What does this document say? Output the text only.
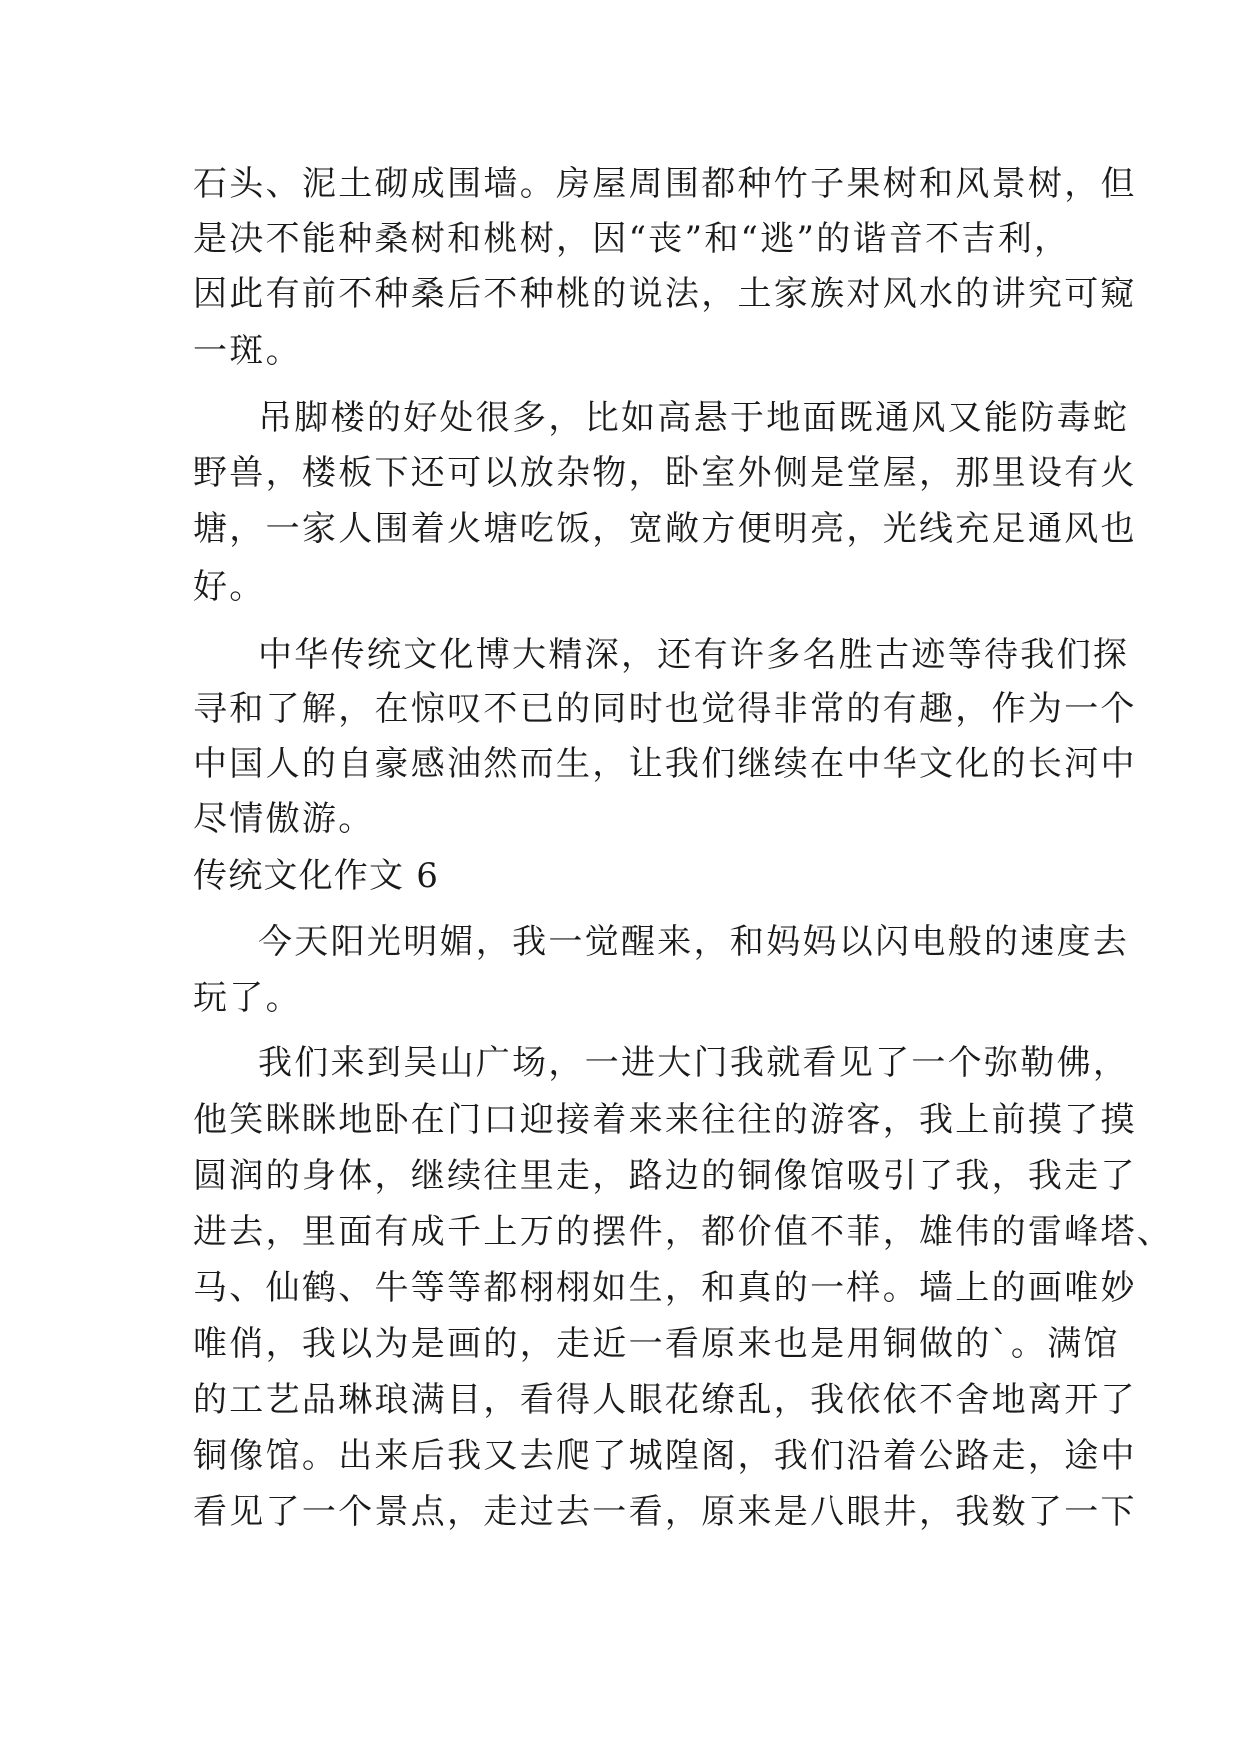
石头、泥土砌成围墙。房屋周围都种竹子果树和风景树，但
是决不能种桑树和桃树，因“丧”和“逃”的谐音不吉利，
因此有前不种桑后不种桃的说法，土家族对风水的讲究可窥
一斑。
吊脚楼的好处很多，比如高悬于地面既通风又能防毒蛇
野兽，楼板下还可以放杂物，卧室外侧是堂屋，那里设有火
塘，一家人围着火塘吃饭，宽敞方便明亮，光线充足通风也
好。
中华传统文化博大精深，还有许多名胜古迹等待我们探
寻和了解，在惊叹不已的同时也觉得非常的有趣，作为一个
中国人的自豪感油然而生，让我们继续在中华文化的长河中
尽情傲游。
传统文化作文 6
今天阳光明媚，我一觉醒来，和妈妈以闪电般的速度去
玩了。
我们来到吴山广场，一进大门我就看见了一个弥勒佛，
他笑眯眯地卧在门口迎接着来来往往的游客，我上前摸了摸
圆润的身体，继续往里走，路边的铜像馆吸引了我，我走了
进去，里面有成千上万的摆件，都价值不菲，雄伟的雷峰塔、
马、仙鹤、牛等等都栩栩如生，和真的一样。墙上的画唯妙
唯俏，我以为是画的，走近一看原来也是用铜做的`。满馆
的工艺品琳琅满目，看得人眼花缭乱，我依依不舍地离开了
铜像馆。出来后我又去爬了城隍阁，我们沿着公路走，途中
看见了一个景点，走过去一看，原来是八眼井，我数了一下
